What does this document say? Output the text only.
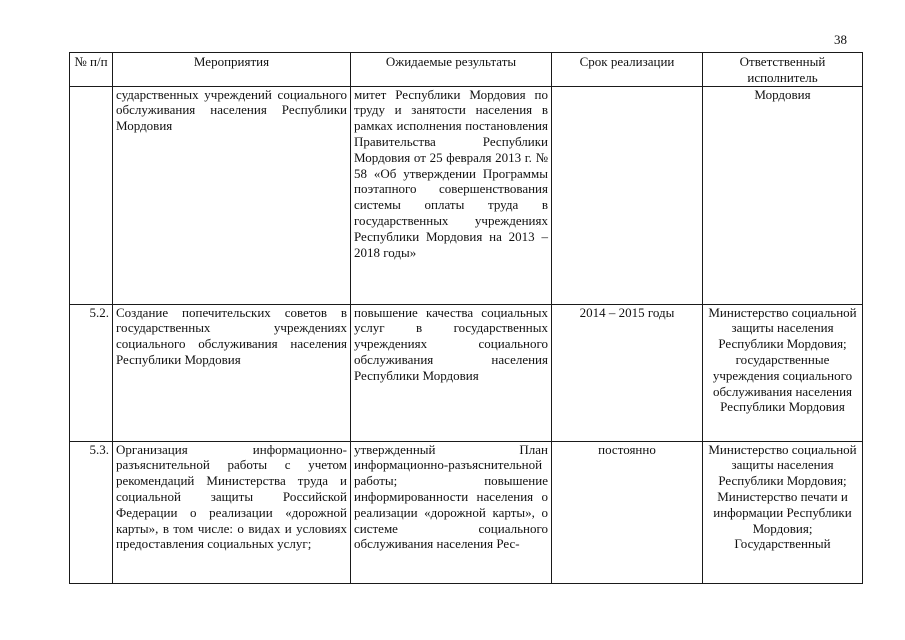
38
№ п/п	Мероприятия	Ожидаемые результаты	Срок реализации	Ответственный исполнитель
	сударственных учреждений социального обслуживания населения Республики Мордовия	митет Республики Мордовия по труду и занятости населения в рамках исполнения постановления Правительства Республики Мордовия от 25 февраля 2013 г. № 58 «Об утверждении Программы поэтапного совершенствования системы оплаты труда в государственных учреждениях Республики Мордовия на 2013 – 2018 годы»		Мордовия
5.2.	Создание попечительских советов в государственных учреждениях социального обслуживания населения Республики Мордовия	повышение качества социальных услуг в государственных учреждениях социального обслуживания населения Республики Мордовия	2014 – 2015 годы	Министерство социальной защиты населения Республики Мордовия; государственные учреждения социального обслуживания населения Республики Мордовия
5.3.	Организация информационно-разъяснительной работы с учетом рекомендаций Министерства труда и социальной защиты Российской Федерации о реализации «дорожной карты», в том числе: о видах и условиях предоставления социальных услуг;	утвержденный План информационно-разъяснительной работы; повышение информированности населения о реализации «дорожной карты», о системе социального обслуживания населения Рес-	постоянно	Министерство социальной защиты населения Республики Мордовия; Министерство печати и информации Республики Мордовия; Государственный
